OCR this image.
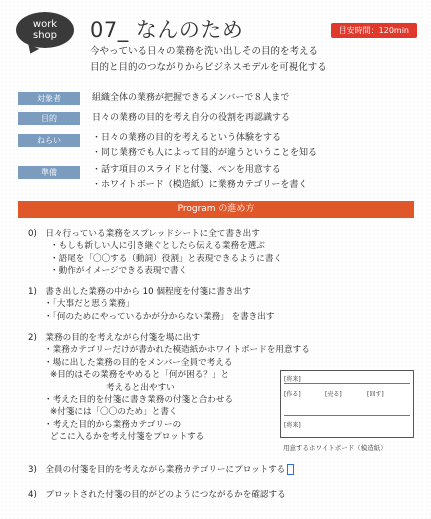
work
shop	07_ なんのため	目安時間：120min
今やっている日々の業務を洗い出しその目的を考える
目的と目的のつながりからビジネスモデルを可視化する
対象者	組織全体の業務が把握できるメンバーで８人まで
目的	日々の業務の目的を考え自分の役割を再認識する
ねらい	・日々の業務の目的を考えるという体験をする
・同じ業務でも人によって目的が違うということを知る
準備	・話す項目のスライドと付箋、ペンを用意する
・ホワイトボード（模造紙）に業務カテゴリーを書く
Program の進め方
0)　日々行っている業務をスプレッドシートに全て書き出す
・もしも新しい人に引き継ぐとしたら伝える業務を選ぶ
・語尾を「〇〇する（動詞）役割」と表現できるように書く
・動作がイメージできる表現で書く
1)　書き出した業務の中から 10 個程度を付箋に書き出す
・「大事だと思う業務」
・「何のためにやっているかが分からない業務」 を書き出す
2)　業務の目的を考えながら付箋を場に出す
・業務カテゴリーだけが書かれた模造紙かホワイトボードを用意する
・場に出した業務の目的をメンバー全員で考える
※目的はその業務をやめると「何が困る？」と
考えると出やすい
・考えた目的を付箋に書き業務の付箋と合わせる
※付箋には「〇〇のため」と書く
・考えた目的から業務カテゴリーの
どこに入るかを考え付箋をプロットする
[将来]
[作る]	[売る]	[回す]
[将来]
用意するホワイトボード（模造紙）
3)　全員の付箋を目的を考えながら業務カテゴリーにプロットする
4)　プロットされた付箋の目的がどのようにつながるかを確認する
